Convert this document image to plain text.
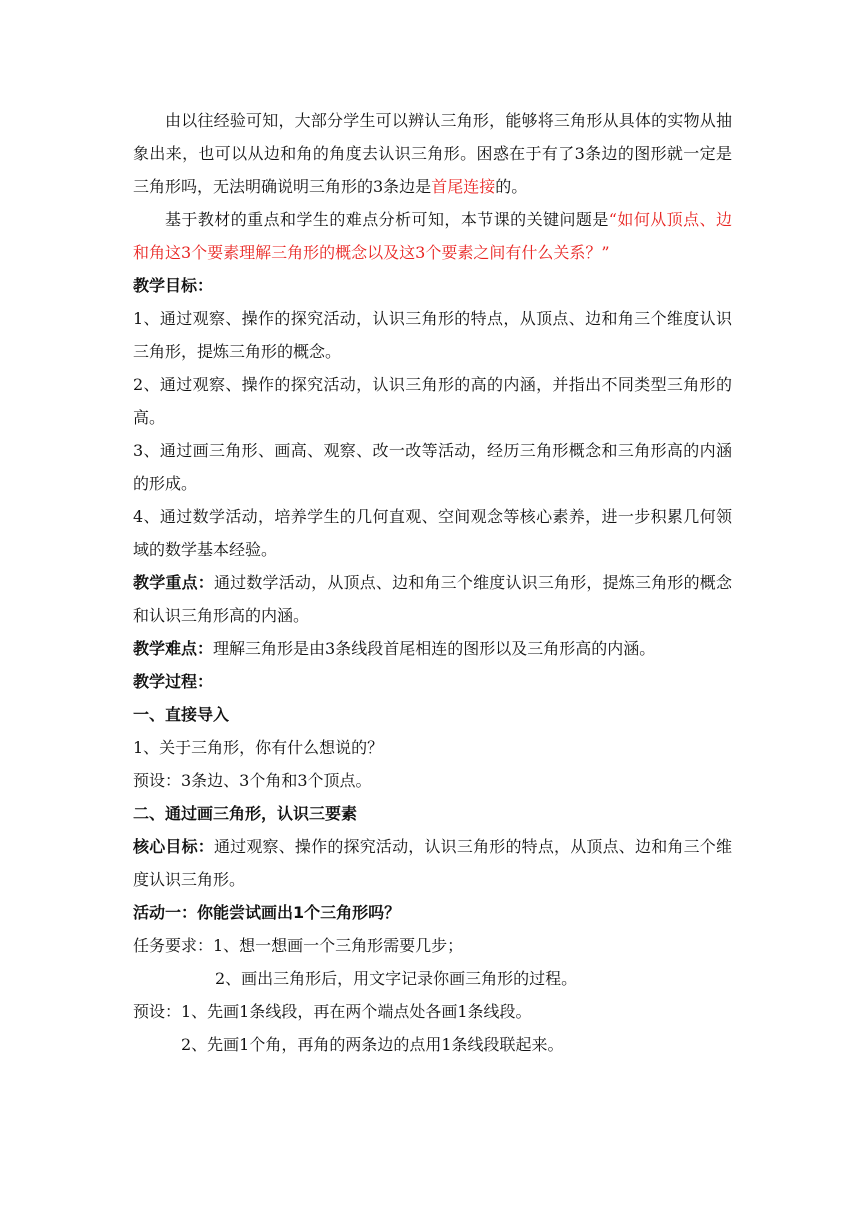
由以往经验可知，大部分学生可以辨认三角形，能够将三角形从具体的实物从抽象出来，也可以从边和角的角度去认识三角形。困惑在于有了3条边的图形就一定是三角形吗，无法明确说明三角形的3条边是首尾连接的。

基于教材的重点和学生的难点分析可知，本节课的关键问题是“如何从顶点、边和角这3个要素理解三角形的概念以及这3个要素之间有什么关系？”

教学目标：

1、通过观察、操作的探究活动，认识三角形的特点，从顶点、边和角三个维度认识三角形，提炼三角形的概念。

2、通过观察、操作的探究活动，认识三角形的高的内涵，并指出不同类型三角形的高。

3、通过画三角形、画高、观察、改一改等活动，经历三角形概念和三角形高的内涵的形成。

4、通过数学活动，培养学生的几何直观、空间观念等核心素养，进一步积累几何领域的数学基本经验。

教学重点：通过数学活动，从顶点、边和角三个维度认识三角形，提炼三角形的概念和认识三角形高的内涵。

教学难点：理解三角形是由3条线段首尾相连的图形以及三角形高的内涵。

教学过程：

一、直接导入

1、关于三角形，你有什么想说的？

预设：3条边、3个角和3个顶点。

二、通过画三角形，认识三要素

核心目标：通过观察、操作的探究活动，认识三角形的特点，从顶点、边和角三个维度认识三角形。

活动一：你能尝试画出1个三角形吗？

任务要求：1、想一想画一个三角形需要几步；

2、画出三角形后，用文字记录你画三角形的过程。

预设：1、先画1条线段，再在两个端点处各画1条线段。

2、先画1个角，再角的两条边的点用1条线段联起来。
